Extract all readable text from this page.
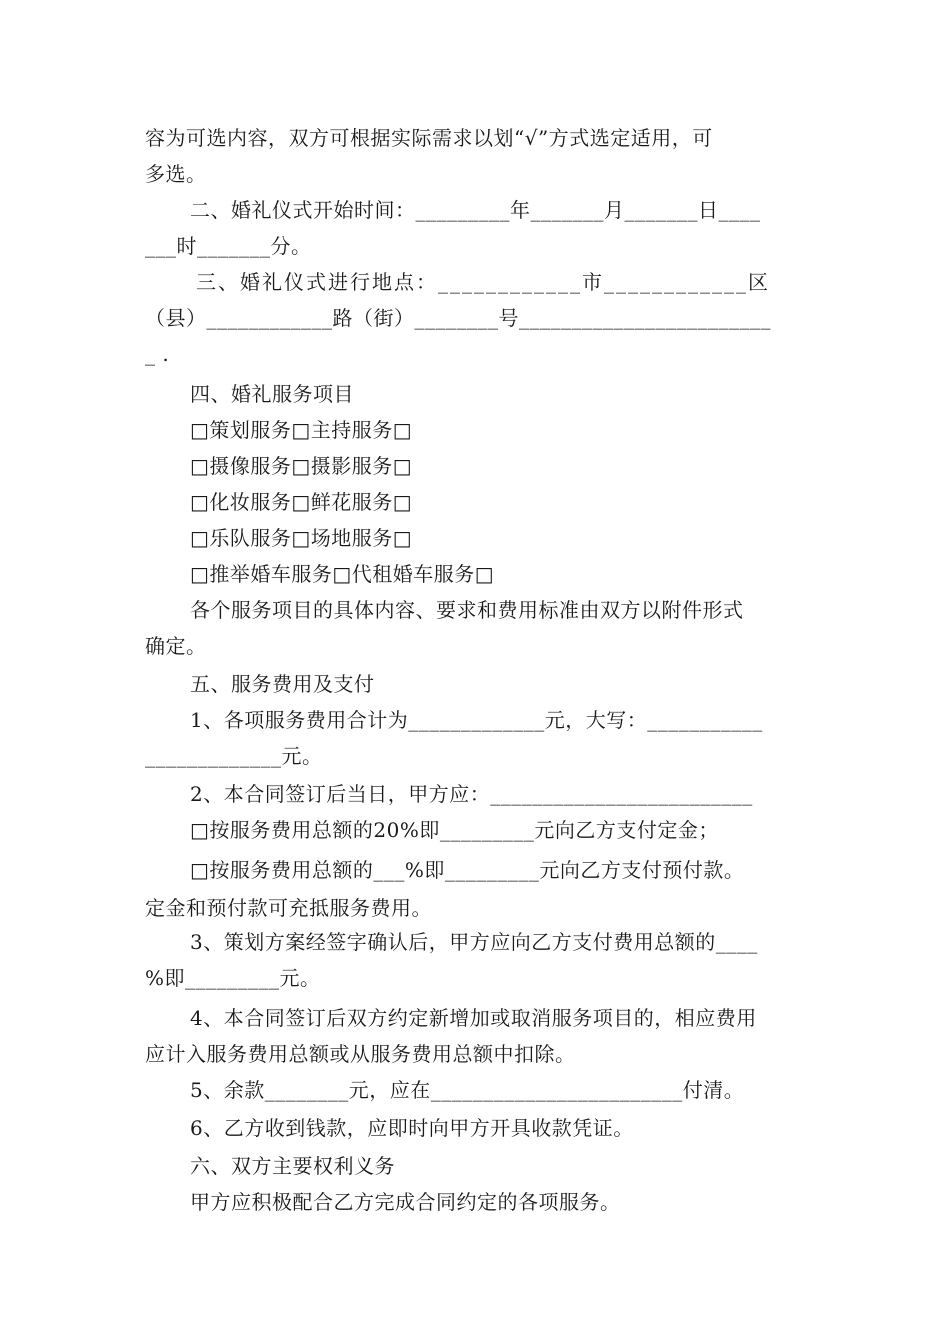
容为可选内容，双方可根据实际需求以划“√”方式选定适用，可
多选。
二、婚礼仪式开始时间：_________年_______月_______日____
___时_______分。
三、婚礼仪式进行地点：____________市____________区
（县）____________路（街）________号________________________
_ .
四、婚礼服务项目
□策划服务□主持服务□
□摄像服务□摄影服务□
□化妆服务□鲜花服务□
□乐队服务□场地服务□
□推举婚车服务□代租婚车服务□
各个服务项目的具体内容、要求和费用标准由双方以附件形式
确定。
五、服务费用及支付
1、各项服务费用合计为_____________元，大写：___________
_____________元。
2、本合同签订后当日，甲方应：_________________________
□按服务费用总额的20%即_________元向乙方支付定金；
□按服务费用总额的___%即_________元向乙方支付预付款。
定金和预付款可充抵服务费用。
3、策划方案经签字确认后，甲方应向乙方支付费用总额的____
%即_________元。
4、本合同签订后双方约定新增加或取消服务项目的，相应费用
应计入服务费用总额或从服务费用总额中扣除。
5、余款________元，应在________________________付清。
6、乙方收到钱款，应即时向甲方开具收款凭证。
六、双方主要权利义务
甲方应积极配合乙方完成合同约定的各项服务。
